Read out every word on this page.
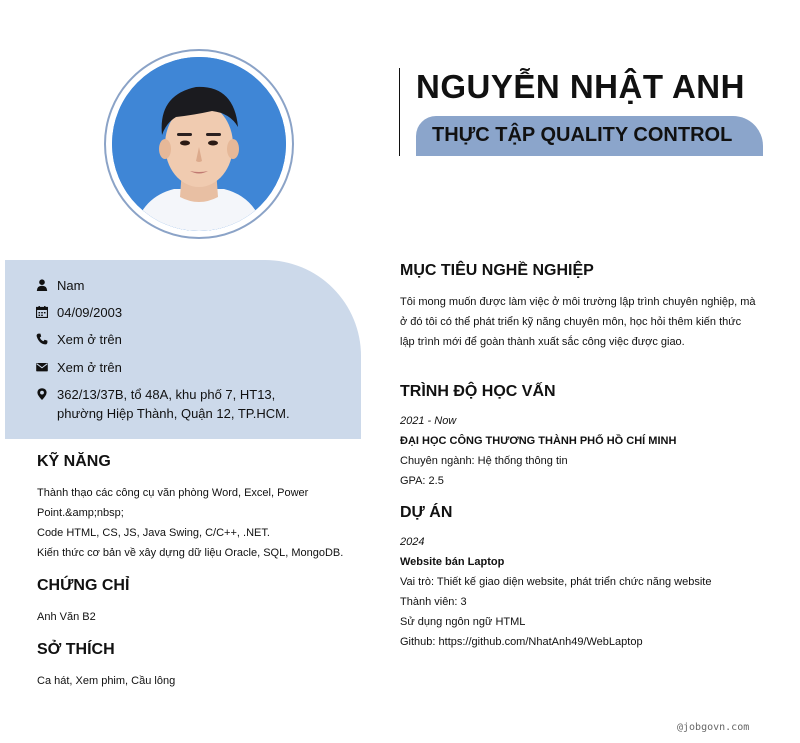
NGUYỄN NHẬT ANH
THỰC TẬP QUALITY CONTROL
Nam
04/09/2003
Xem ở trên
Xem ở trên
362/13/37B, tổ 48A, khu phố 7, HT13,
phường Hiệp Thành, Quận 12, TP.HCM.
KỸ NĂNG
Thành thạo các công cụ văn phòng Word, Excel, Power
Point.&amp;nbsp;
Code HTML, CS, JS, Java Swing, C/C++, .NET.
Kiến thức cơ bản về xây dựng dữ liệu Oracle, SQL, MongoDB.
CHỨNG CHỈ
Anh Văn B2
SỞ THÍCH
Ca hát, Xem phim, Cầu lông
MỤC TIÊU NGHỀ NGHIỆP
Tôi mong muốn được làm việc ở môi trường lập trình chuyên nghiệp, mà
ở đó tôi có thể phát triển kỹ năng chuyên môn, học hỏi thêm kiến thức
lập trình mới để goàn thành xuất sắc công việc được giao.
TRÌNH ĐỘ HỌC VẤN
2021 - Now
ĐẠI HỌC CÔNG THƯƠNG THÀNH PHỐ HỒ CHÍ MINH
Chuyên ngành: Hệ thống thông tin
GPA: 2.5
DỰ ÁN
2024
Website bán Laptop
Vai trò: Thiết kế giao diện website, phát triển chức năng website
Thành viên: 3
Sử dụng ngôn ngữ HTML
Github: https://github.com/NhatAnh49/WebLaptop
@jobgovn.com
